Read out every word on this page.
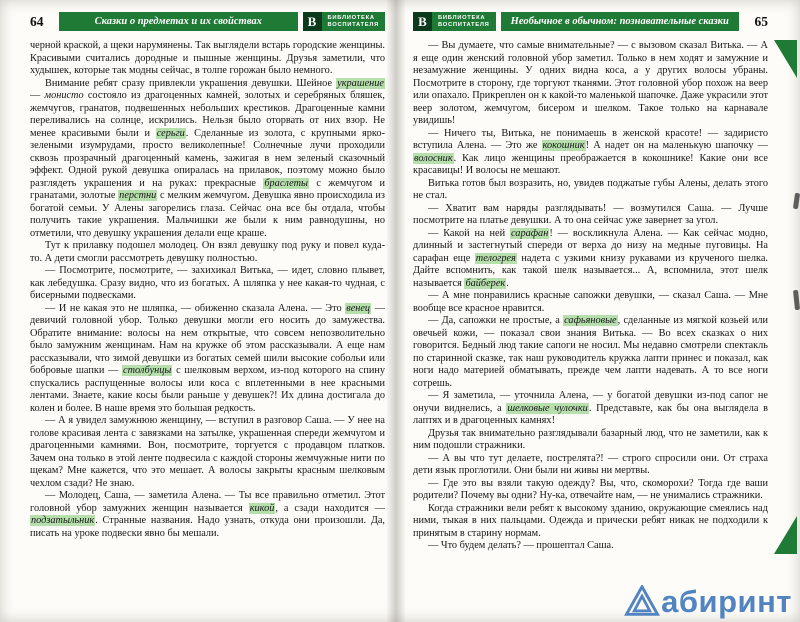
64	Сказки о предметах и их свойствах	В	БИБЛИОТЕКА
ВОСПИТАТЕЛЯ

черной краской, а щеки нарумянены. Так выглядели встарь городские женщины. Красивыми считались дородные и пышные женщины. Друзья заметили, что худышек, которые так модны сейчас, в толпе горожан было немного.

Внимание ребят сразу привлекли украшения девушки. Шейное украшение — монисто состояло из драгоценных камней, золотых и серебряных бляшек, жемчугов, гранатов, подвешенных небольших крестиков. Драгоценные камни переливались на солнце, искрились. Нельзя было оторвать от них взор. Не менее красивыми были и серьги. Сделанные из золота, с крупными ярко-зелеными изумрудами, просто великолепные! Солнечные лучи проходили сквозь прозрачный драгоценный камень, зажигая в нем зеленый сказочный эффект. Одной рукой девушка опиралась на прилавок, поэтому можно было разглядеть украшения и на руках: прекрасные браслеты с жемчугом и гранатами, золотые перстни с мелким жемчугом. Девушка явно происходила из богатой семьи. У Алены загорелись глаза. Сейчас она все бы отдала, чтобы получить такие украшения. Мальчишки же были к ним равнодушны, но отметили, что девушку украшения делали еще краше.

Тут к прилавку подошел молодец. Он взял девушку под руку и повел куда-то. А дети смогли рассмотреть девушку полностью.

— Посмотрите, посмотрите, — захихикал Витька, — идет, словно плывет, как лебедушка. Сразу видно, что из богатых. А шляпка у нее какая-то чудная, с бисерными подвесками.

— И не какая это не шляпка, — обиженно сказала Алена. — Это венец — девичий головной убор. Только девушки могли его носить до замужества. Обратите внимание: волосы на нем открытые, что совсем непозволительно было замужним женщинам. Нам на кружке об этом рассказывали. А еще нам рассказывали, что зимой девушки из богатых семей шили высокие собольи или бобровые шапки — столбунцы с шелковым верхом, из-под которого на спину спускались распущенные волосы или коса с вплетенными в нее красными лентами. Знаете, какие косы были раньше у девушек?! Их длина достигала до колен и более. В наше время это большая редкость.

— А я увидел замужнюю женщину, — вступил в разговор Саша. — У нее на голове красивая лента с завязками на затылке, украшенная спереди жемчугом и драгоценными камнями. Вон, посмотрите, торгуется с продавцом платков. Зачем она только в этой ленте подвесила с каждой стороны жемчужные нити по щекам? Мне кажется, что это мешает. А волосы закрыты красным шелковым чехлом сзади? Не знаю.

— Молодец, Саша, — заметила Алена. — Ты все правильно отметил. Этот головной убор замужних женщин называется кикой, а сзади находится — подзатыльник. Странные названия. Надо узнать, откуда они произошли. Да, писать на уроке подвески явно бы мешали.

В	БИБЛИОТЕКА
ВОСПИТАТЕЛЯ Необычное в обычном: познавательные сказки	65

— Вы думаете, что самые внимательные? — с вызовом сказал Витька. — А я еще один женский головной убор заметил. Только в нем ходят и замужние и незамужние женщины. У одних видна коса, а у других волосы убраны. Посмотрите в сторону, где торгуют тканями. Этот головной убор похож на веер или опахало. Прикреплен он к какой-то маленькой шапочке. Даже украсили этот веер золотом, жемчугом, бисером и шелком. Такое только на карнавале увидишь!

— Ничего ты, Витька, не понимаешь в женской красоте! — задиристо вступила Алена. — Это же кокошник! А надет он на маленькую шапочку — волосник. Как лицо женщины преображается в кокошнике! Какие они все красавицы! И волосы не мешают.

Витька готов был возразить, но, увидев поджатые губы Алены, делать этого не стал.

— Хватит вам наряды разглядывать! — возмутился Саша. — Лучше посмотрите на платье девушки. А то она сейчас уже завернет за угол.

— Какой на ней сарафан! — воскликнула Алена. — Как сейчас модно, длинный и застегнутый спереди от верха до низу на медные пуговицы. На сарафан еще телогрея надета с узкими книзу рукавами из крученого шелка. Дайте вспомнить, как такой шелк называется... А, вспомнила, этот шелк называется байберек.

— А мне понравились красные сапожки девушки, — сказал Саша. — Мне вообще все красное нравится.

— Да, сапожки не простые, а сафьяновые, сделанные из мягкой козьей или овечьей кожи, — показал свои знания Витька. — Во всех сказках о них говорится. Бедный люд такие сапоги не носил. Мы недавно смотрели спектакль по старинной сказке, так наш руководитель кружка лапти принес и показал, как ноги надо материей обматывать, прежде чем лапти надевать. А то все ноги сотрешь.

— Я заметила, — уточнила Алена, — у богатой девушки из-под сапог не онучи виднелись, а шелковые чулочки. Представьте, как бы она выглядела в лаптях и в драгоценных камнях!

Друзья так внимательно разглядывали базарный люд, что не заметили, как к ним подошли стражники.

— А вы что тут делаете, пострелята?! — строго спросили они. От страха дети язык проглотили. Они были ни живы ни мертвы.

— Где это вы взяли такую одежду? Вы, что, скоморохи? Тогда где ваши родители? Почему вы одни? Ну-ка, отвечайте нам, — не унимались стражники.

Когда стражники вели ребят к высокому зданию, окружающие смеялись над ними, тыкая в них пальцами. Одежда и прически ребят никак не подходили к принятым в старину нормам.

— Что будем делать? — прошептал Саша.

абиринт
